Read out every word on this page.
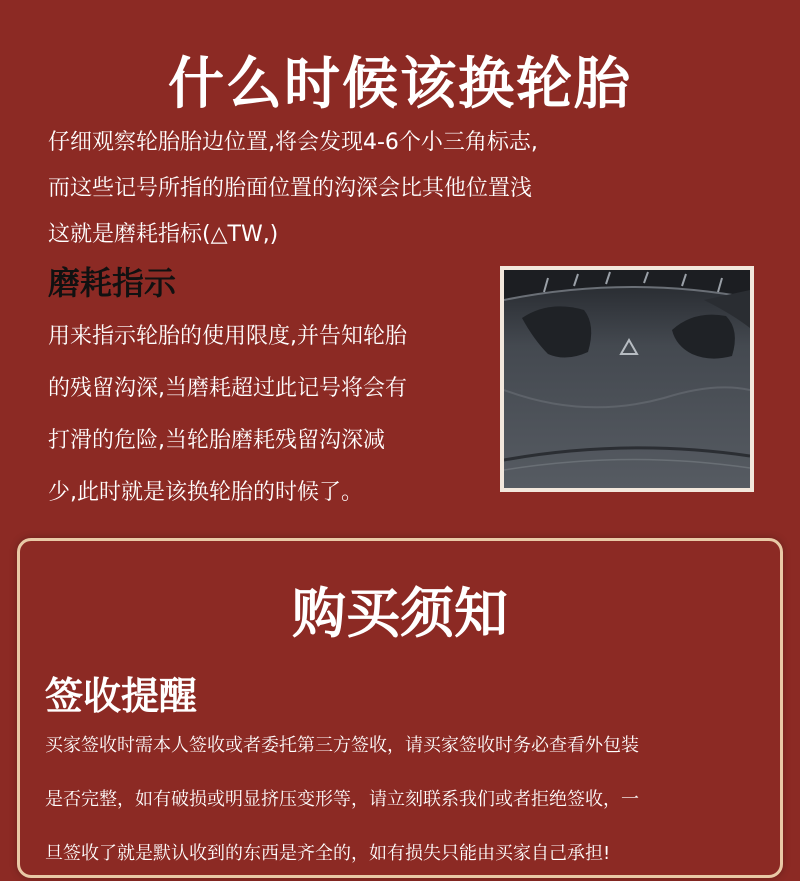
什么时候该换轮胎

仔细观察轮胎胎边位置,将会发现4-6个小三角标志,

而这些记号所指的胎面位置的沟深会比其他位置浅

这就是磨耗指标(△TW,)

磨耗指示

用来指示轮胎的使用限度,并告知轮胎

的残留沟深,当磨耗超过此记号将会有

打滑的危险,当轮胎磨耗残留沟深减

少,此时就是该换轮胎的时候了。

购买须知
签收提醒

买家签收时需本人签收或者委托第三方签收，请买家签收时务必查看外包装

是否完整，如有破损或明显挤压变形等，请立刻联系我们或者拒绝签收，一

旦签收了就是默认收到的东西是齐全的，如有损失只能由买家自己承担!
